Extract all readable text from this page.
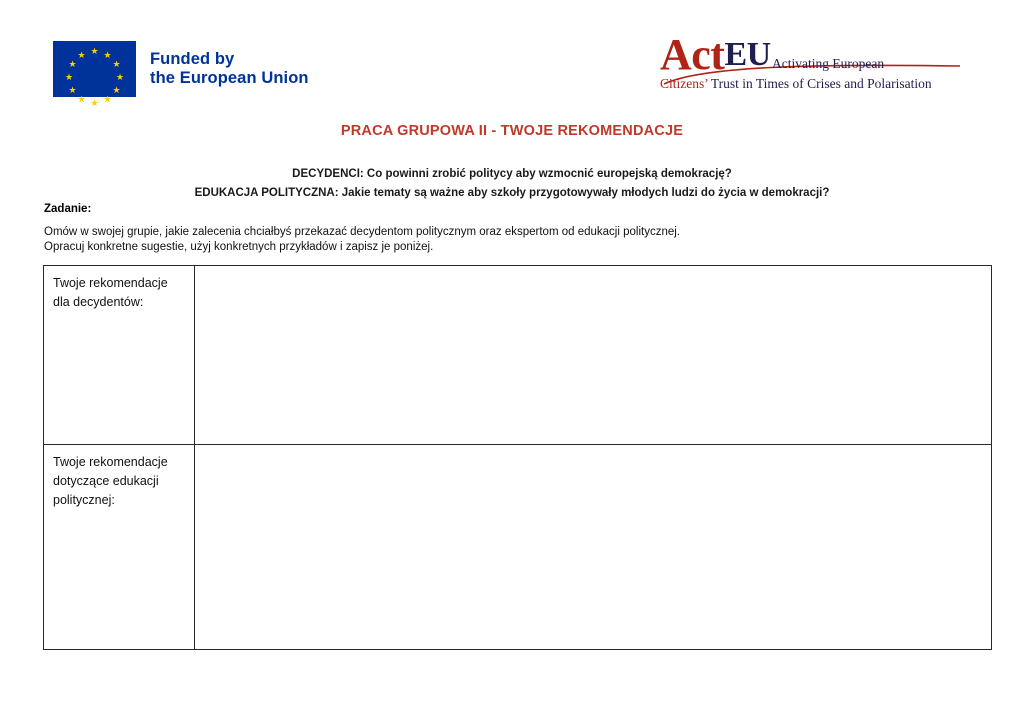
★ ★
★
★
★
★
★
★
★
★
★
★	Funded by
the European Union	ActEU Activating European
Citizens’ Trust in Times of Crises and Polarisation
PRACA GRUPOWA II - TWOJE REKOMENDACJE
DECYDENCI: Co powinni zrobić politycy aby wzmocnić europejską demokrację?
EDUKACJA POLITYCZNA: Jakie tematy są ważne aby szkoły przygotowywały młodych ludzi do życia w demokracji?
Zadanie:
Omów w swojej grupie, jakie zalecenia chciałbyś przekazać decydentom politycznym oraz ekspertom od edukacji politycznej.
Opracuj konkretne sugestie, użyj konkretnych przykładów i zapisz je poniżej.
Twoje rekomendacje dla decydentów:	
Twoje rekomendacje dotyczące edukacji politycznej:	
